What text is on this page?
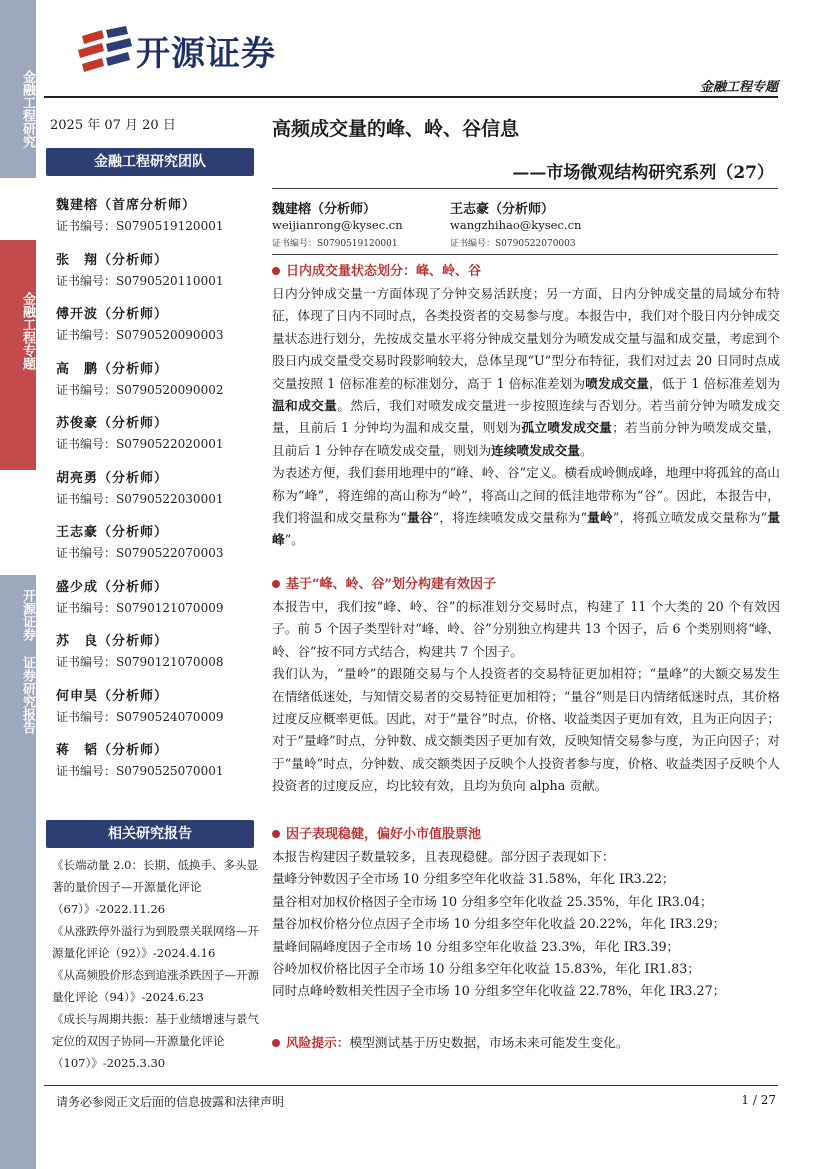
金融工程研究
金融工程专题
开源证券 证券研究报告
开源证券
金融工程专题
2025 年 07 月 20 日	高频成交量的峰、岭、谷信息
——市场微观结构研究系列（27）
金融工程研究团队
魏建榕（首席分析师）
证书编号：S0790519120001
张　翔（分析师）
证书编号：S0790520110001
傅开波（分析师）
证书编号：S0790520090003
高　鹏（分析师）
证书编号：S0790520090002
苏俊豪（分析师）
证书编号：S0790522020001
胡亮勇（分析师）
证书编号：S0790522030001
王志豪（分析师）
证书编号：S0790522070003
盛少成（分析师）
证书编号：S0790121070009
苏　良（分析师）
证书编号：S0790121070008
何申昊（分析师）
证书编号：S0790524070009
蒋　韬（分析师）
证书编号：S0790525070001
相关研究报告

《长端动量 2.0：长期、低换手、多头显著的量价因子—开源量化评论（67）》-2022.11.26

《从涨跌停外溢行为到股票关联网络—开源量化评论（92）》-2024.4.16

《从高频股价形态到追涨杀跌因子—开源量化评论（94）》-2024.6.23

《成长与周期共振：基于业绩增速与景气定位的双因子协同—开源量化评论（107）》-2025.3.30

魏建榕（分析师）
weijianrong@kysec.cn
证书编号：S0790519120001
王志豪（分析师）
wangzhihao@kysec.cn
证书编号：S0790522070003
日内成交量状态划分：峰、岭、谷

日内分钟成交量一方面体现了分钟交易活跃度；另一方面，日内分钟成交量的局域分布特征，体现了日内不同时点，各类投资者的交易参与度。本报告中，我们对个股日内分钟成交量状态进行划分，先按成交量水平将分钟成交量划分为喷发成交量与温和成交量，考虑到个股日内成交量受交易时段影响较大，总体呈现“U”型分布特征，我们对过去 20 日同时点成交量按照 1 倍标准差的标准划分，高于 1 倍标准差划为喷发成交量，低于 1 倍标准差划为温和成交量。然后，我们对喷发成交量进一步按照连续与否划分。若当前分钟为喷发成交量，且前后 1 分钟均为温和成交量，则划为孤立喷发成交量；若当前分钟为喷发成交量，且前后 1 分钟存在喷发成交量，则划为连续喷发成交量。

为表述方便，我们套用地理中的“峰、岭、谷”定义。横看成岭侧成峰，地理中将孤耸的高山称为“峰”，将连绵的高山称为“岭”，将高山之间的低洼地带称为“谷”。因此，本报告中，我们将温和成交量称为“量谷”，将连续喷发成交量称为“量岭”，将孤立喷发成交量称为“量峰”。

基于“峰、岭、谷”划分构建有效因子

本报告中，我们按“峰、岭、谷”的标准划分交易时点，构建了 11 个大类的 20 个有效因子。前 5 个因子类型针对“峰、岭、谷”分别独立构建共 13 个因子，后 6 个类别则将“峰、岭、谷”按不同方式结合，构建共 7 个因子。

我们认为，“量岭”的跟随交易与个人投资者的交易特征更加相符；“量峰”的大额交易发生在情绪低迷处，与知情交易者的交易特征更加相符；“量谷”则是日内情绪低迷时点，其价格过度反应概率更低。因此，对于“量谷”时点，价格、收益类因子更加有效，且为正向因子；对于“量峰”时点，分钟数、成交额类因子更加有效，反映知情交易参与度，为正向因子；对于“量岭”时点，分钟数、成交额类因子反映个人投资者参与度，价格、收益类因子反映个人投资者的过度反应，均比较有效，且均为负向 alpha 贡献。

因子表现稳健，偏好小市值股票池
本报告构建因子数量较多，且表现稳健。部分因子表现如下：
量峰分钟数因子全市场 10 分组多空年化收益 31.58%，年化 IR3.22；
量谷相对加权价格因子全市场 10 分组多空年化收益 25.35%，年化 IR3.04；
量谷加权价格分位点因子全市场 10 分组多空年化收益 20.22%，年化 IR3.29；
量峰间隔峰度因子全市场 10 分组多空年化收益 23.3%，年化 IR3.39；
谷岭加权价格比因子全市场 10 分组多空年化收益 15.83%，年化 IR1.83；
同时点峰岭数相关性因子全市场 10 分组多空年化收益 22.78%，年化 IR3.27；
风险提示：模型测试基于历史数据，市场未来可能发生变化。
请务必参阅正文后面的信息披露和法律声明	1 / 27
